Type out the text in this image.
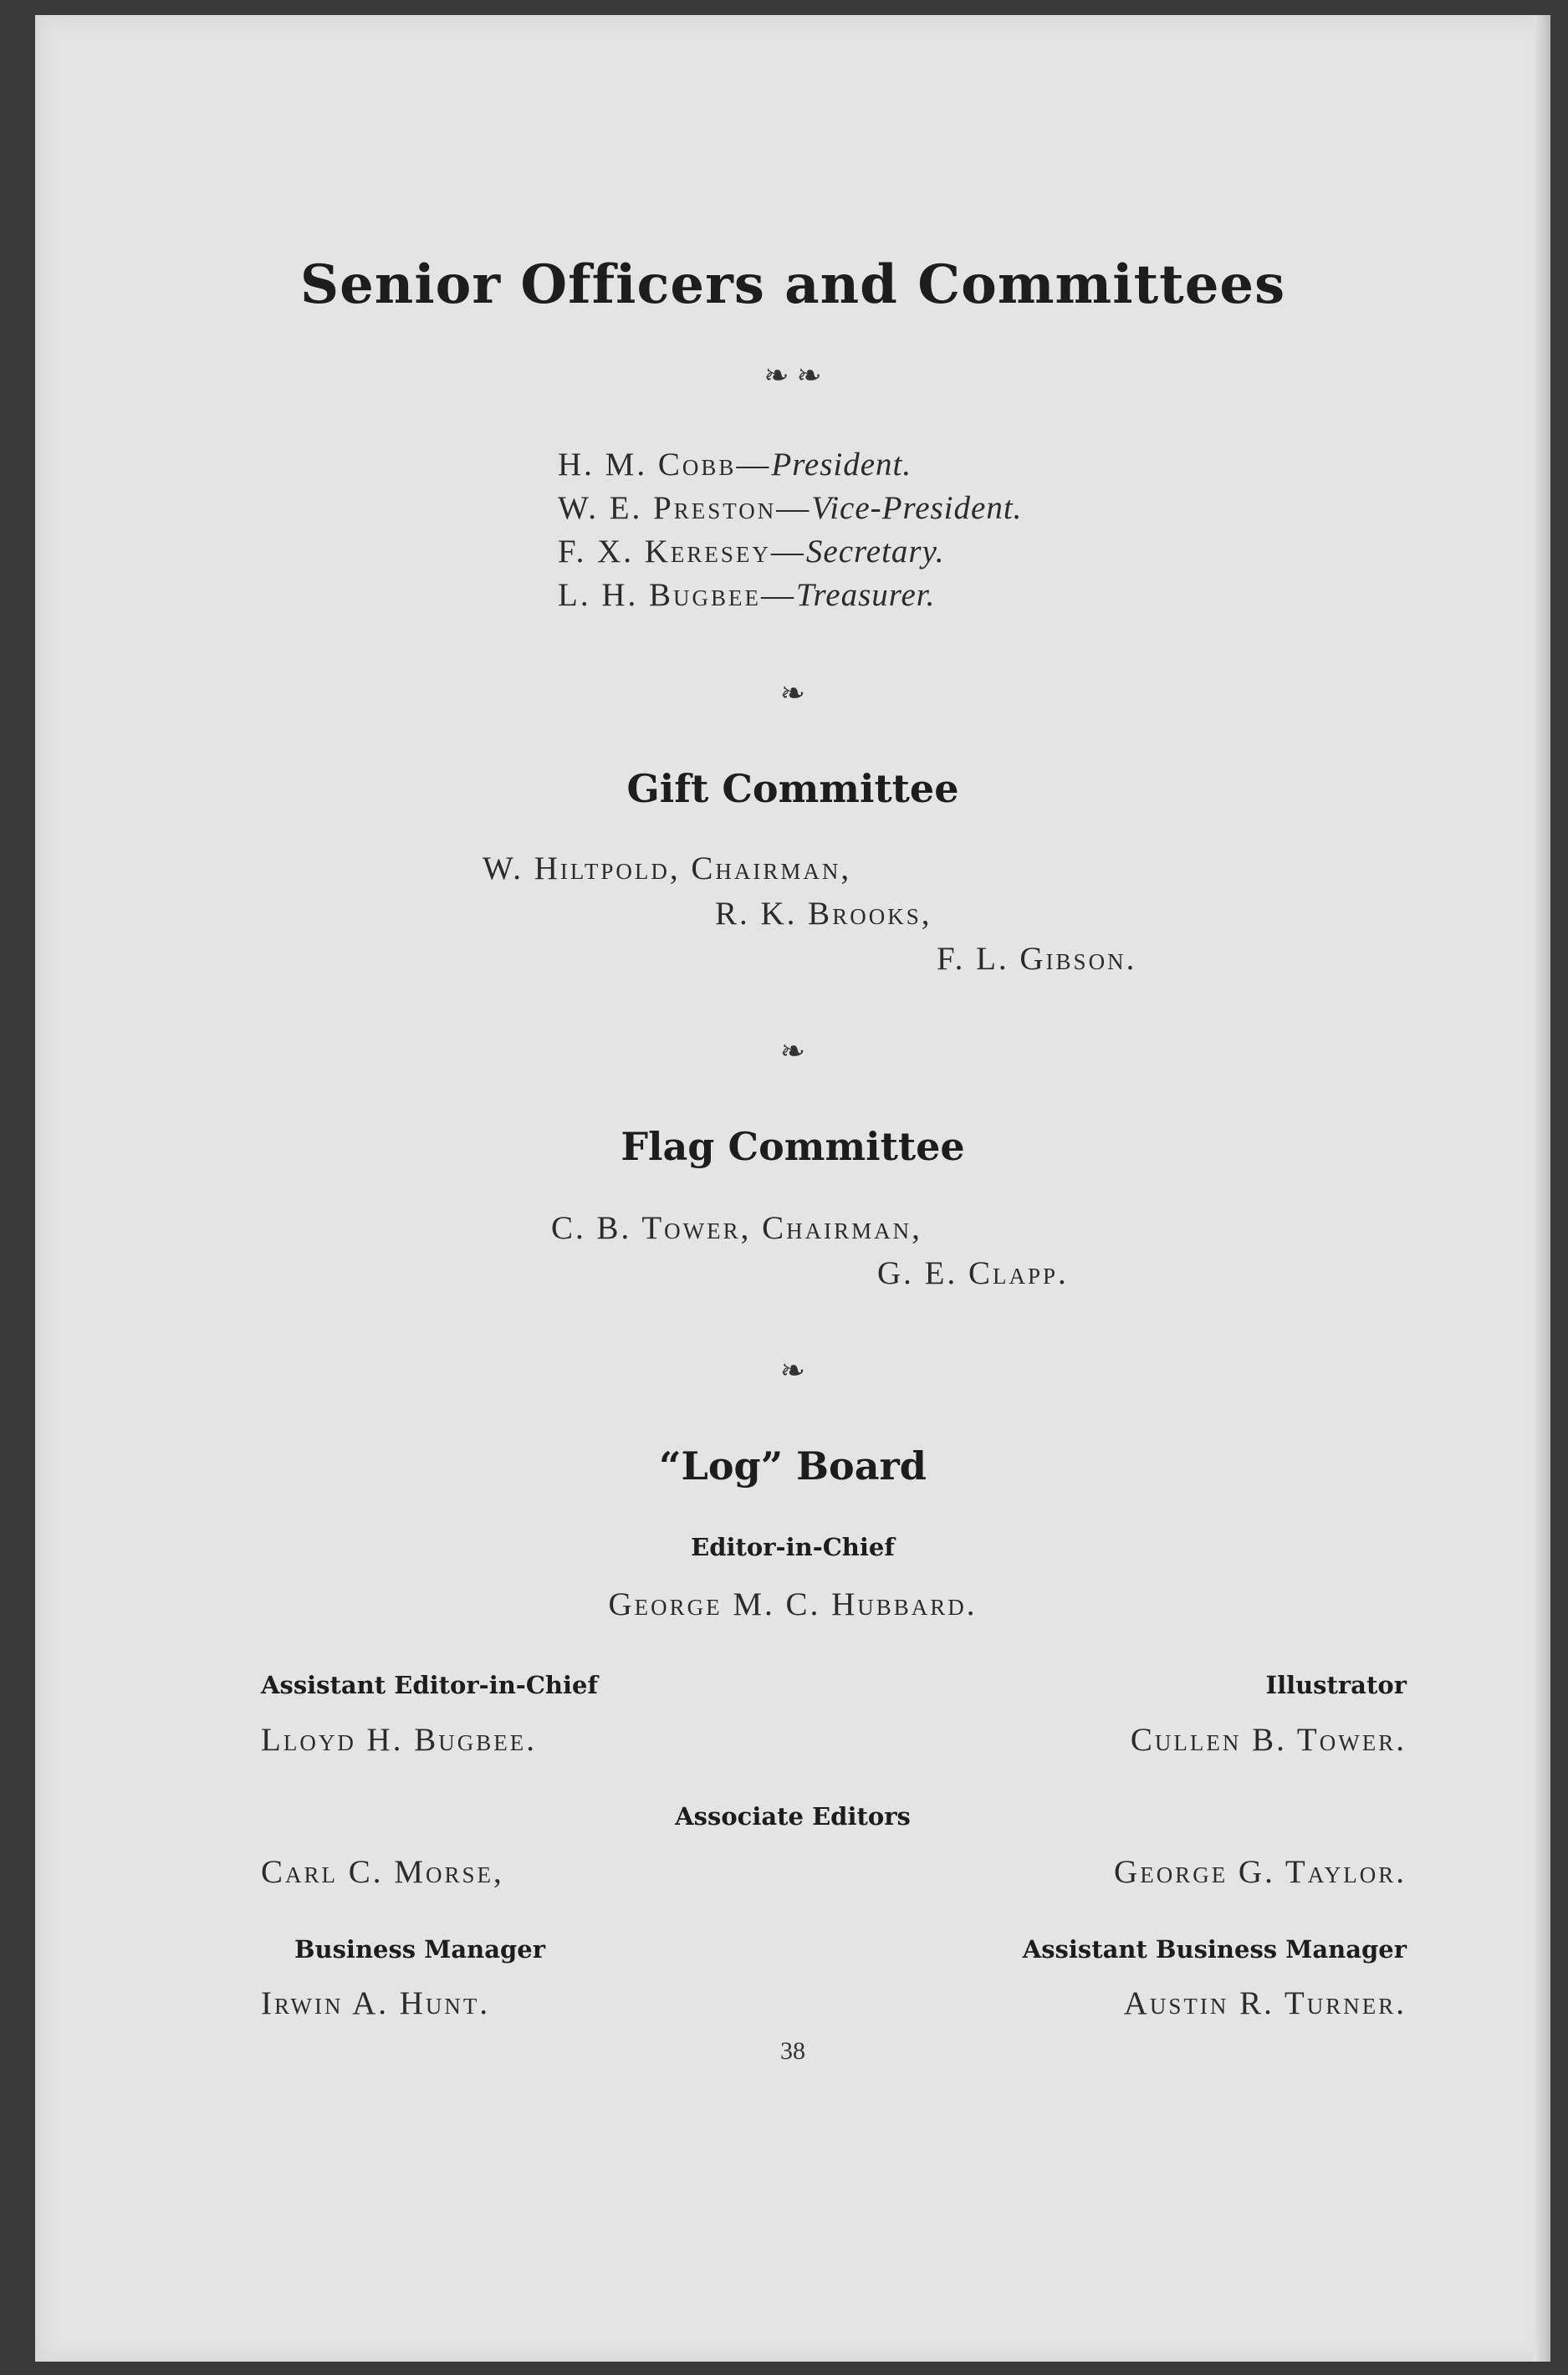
Senior Officers and Committees
❧ ❧
H. M. Cobb—President.
W. E. Preston—Vice-President.
F. X. Keresey—Secretary.
L. H. Bugbee—Treasurer.
❧
Gift Committee
W. Hiltpold, Chairman,
R. K. Brooks,
F. L. Gibson.
❧
Flag Committee
C. B. Tower, Chairman,
G. E. Clapp.
❧
“Log” Board
Editor-in-Chief
George M. C. Hubbard.
Assistant Editor-in-Chief
Lloyd H. Bugbee.
Illustrator
Cullen B. Tower.
Associate Editors
Carl C. Morse,	George G. Taylor.
Business Manager
Irwin A. Hunt.
Assistant Business Manager
Austin R. Turner.
38
